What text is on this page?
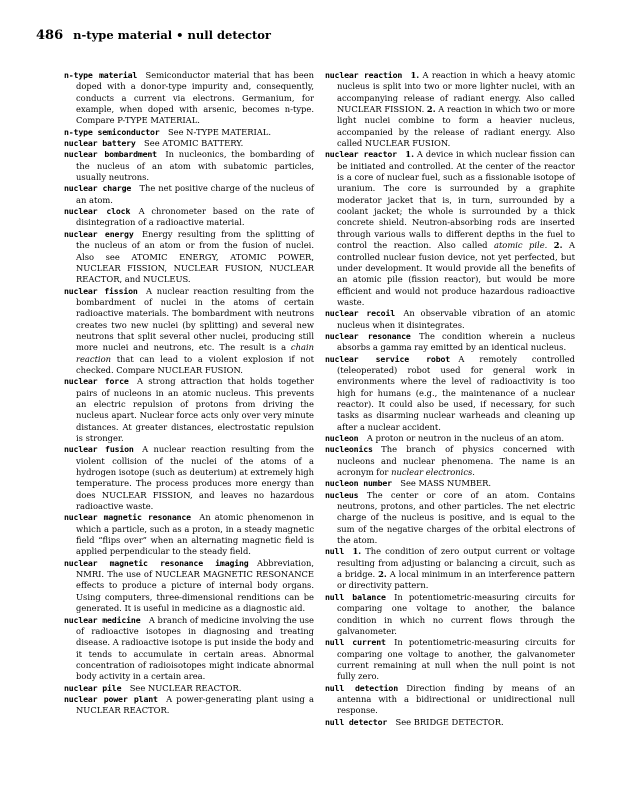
486 n-type material • null detector

n-type material  Semiconductor material that has been doped with a donor-type impurity and, consequently, conducts a current via electrons. Germanium, for example, when doped with arsenic, becomes n-type. Compare P-TYPE MATERIAL.

n-type semiconductor  See N-TYPE MATERIAL.

nuclear battery  See ATOMIC BATTERY.

nuclear bombardment  In nucleonics, the bombarding of the nucleus of an atom with subatomic particles, usually neutrons.

nuclear charge  The net positive charge of the nucleus of an atom.

nuclear clock  A chronometer based on the rate of disintegration of a radioactive material.

nuclear energy  Energy resulting from the splitting of the nucleus of an atom or from the fusion of nuclei. Also see ATOMIC ENERGY, ATOMIC POWER, NUCLEAR FISSION, NUCLEAR FUSION, NUCLEAR REACTOR, and NUCLEUS.

nuclear fission  A nuclear reaction resulting from the bombardment of nuclei in the atoms of certain radioactive materials. The bombardment with neutrons creates two new nuclei (by splitting) and several new neutrons that split several other nuclei, producing still more nuclei and neutrons, etc. The result is a chain reaction that can lead to a violent explosion if not checked. Compare NUCLEAR FUSION.

nuclear force  A strong attraction that holds together pairs of nucleons in an atomic nucleus. This prevents an electric repulsion of protons from driving the nucleus apart. Nuclear force acts only over very minute distances. At greater distances, electrostatic repulsion is stronger.

nuclear fusion  A nuclear reaction resulting from the violent collision of the nuclei of the atoms of a hydrogen isotope (such as deuterium) at extremely high temperature. The process produces more energy than does NUCLEAR FISSION, and leaves no hazardous radioactive waste.

nuclear magnetic resonance  An atomic phenomenon in which a particle, such as a proton, in a steady magnetic field “flips over” when an alternating magnetic field is applied perpendicular to the steady field.

nuclear magnetic resonance imaging  Abbreviation, NMRI. The use of NUCLEAR MAGNETIC RESONANCE effects to produce a picture of internal body organs. Using computers, three-dimensional renditions can be generated. It is useful in medicine as a diagnostic aid.

nuclear medicine  A branch of medicine involving the use of radioactive isotopes in diagnosing and treating disease. A radioactive isotope is put inside the body and it tends to accumulate in certain areas. Abnormal concentration of radioisotopes might indicate abnormal body activity in a certain area.

nuclear pile  See NUCLEAR REACTOR.

nuclear power plant  A power-generating plant using a NUCLEAR REACTOR.

nuclear reaction  1. A reaction in which a heavy atomic nucleus is split into two or more lighter nuclei, with an accompanying release of radiant energy. Also called NUCLEAR FISSION. 2. A reaction in which two or more light nuclei combine to form a heavier nucleus, accompanied by the release of radiant energy. Also called NUCLEAR FUSION.

nuclear reactor  1. A device in which nuclear fission can be initiated and controlled. At the center of the reactor is a core of nuclear fuel, such as a fissionable isotope of uranium. The core is surrounded by a graphite moderator jacket that is, in turn, surrounded by a coolant jacket; the whole is surrounded by a thick concrete shield. Neutron-absorbing rods are inserted through various walls to different depths in the fuel to control the reaction. Also called atomic pile. 2. A controlled nuclear fusion device, not yet perfected, but under development. It would provide all the benefits of an atomic pile (fission reactor), but would be more efficient and would not produce hazardous radioactive waste.

nuclear recoil  An observable vibration of an atomic nucleus when it disintegrates.

nuclear resonance  The condition wherein a nucleus absorbs a gamma ray emitted by an identical nucleus.

nuclear service robot  A remotely controlled (teleoperated) robot used for general work in environments where the level of radioactivity is too high for humans (e.g., the maintenance of a nuclear reactor). It could also be used, if necessary, for such tasks as disarming nuclear warheads and cleaning up after a nuclear accident.

nucleon  A proton or neutron in the nucleus of an atom.

nucleonics  The branch of physics concerned with nucleons and nuclear phenomena. The name is an acronym for nuclear electronics.

nucleon number  See MASS NUMBER.

nucleus  The center or core of an atom. Contains neutrons, protons, and other particles. The net electric charge of the nucleus is positive, and is equal to the sum of the negative charges of the orbital electrons of the atom.

null  1. The condition of zero output current or voltage resulting from adjusting or balancing a circuit, such as a bridge. 2. A local minimum in an interference pattern or directivity pattern.

null balance  In potentiometric-measuring circuits for comparing one voltage to another, the balance condition in which no current flows through the galvanometer.

null current  In potentiometric-measuring circuits for comparing one voltage to another, the galvanometer current remaining at null when the null point is not fully zero.

null detection  Direction finding by means of an antenna with a bidirectional or unidirectional null response.

null detector  See BRIDGE DETECTOR.
